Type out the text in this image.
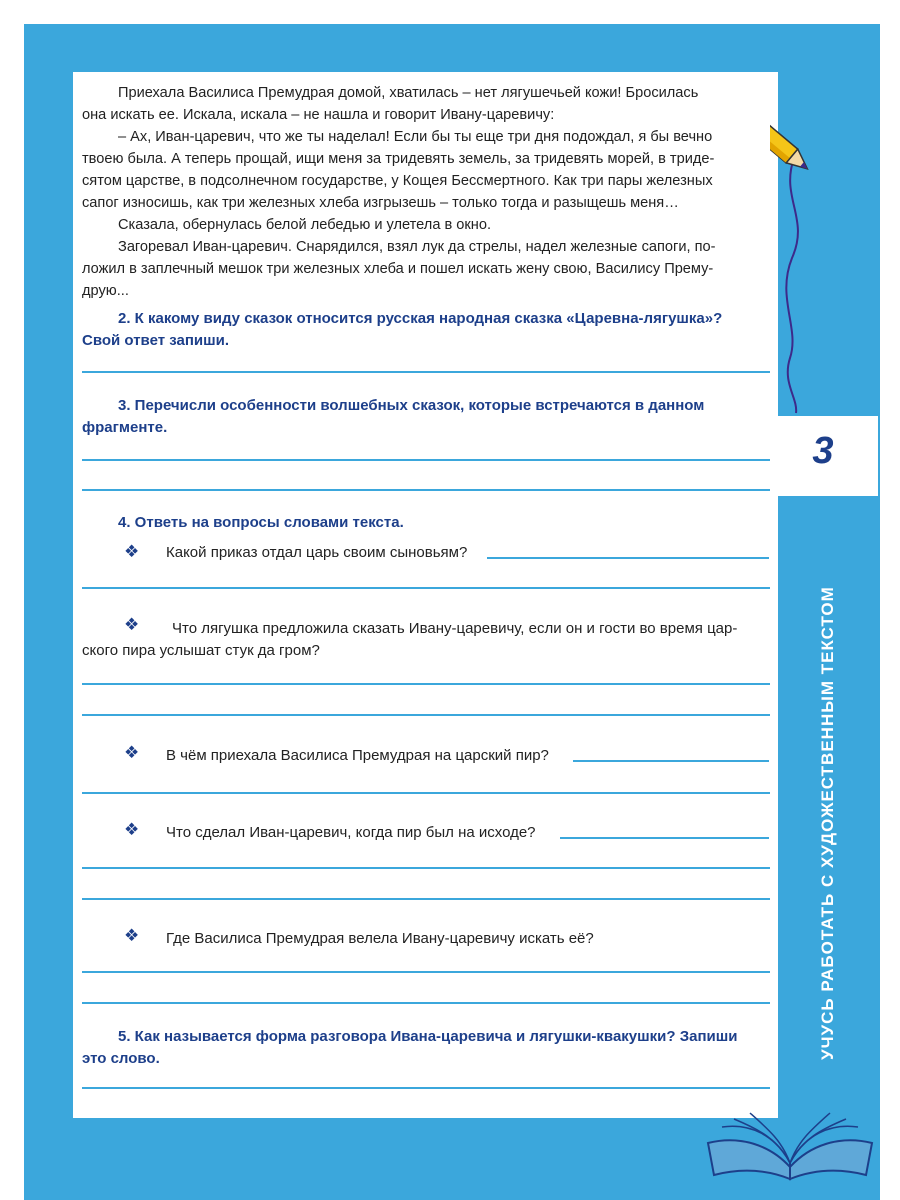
Приехала Василиса Премудрая домой, хватилась – нет лягушечьей кожи! Бросилась
она искать ее. Искала, искала – не нашла и говорит Ивану-царевичу:
– Ах, Иван-царевич, что же ты наделал! Если бы ты еще три дня подождал, я бы вечно
твоею была. А теперь прощай, ищи меня за тридевять земель, за тридевять морей, в триде-
сятом царстве, в подсолнечном государстве, у Кощея Бессмертного. Как три пары железных
сапог износишь, как три железных хлеба изгрызешь – только тогда и разыщешь меня…
Сказала, обернулась белой лебедью и улетела в окно.
Загоревал Иван-царевич. Снарядился, взял лук да стрелы, надел железные сапоги, по-
ложил в заплечный мешок три железных хлеба и пошел искать жену свою, Василису Прему-
друю...
2. К какому виду сказок относится русская народная сказка «Царевна-лягушка»?
Свой ответ запиши.
3. Перечисли особенности волшебных сказок, которые встречаются в данном
фрагменте.
4. Ответь на вопросы словами текста.
❖ Какой приказ отдал царь своим сыновьям?
❖ Что лягушка предложила сказать Ивану-царевичу, если он и гости во время цар-
ского пира услышат стук да гром?
❖ В чём приехала Василиса Премудрая на царский пир?
❖ Что сделал Иван-царевич, когда пир был на исходе?
❖ Где Василиса Премудрая велела Ивану-царевичу искать её?
5. Как называется форма разговора Ивана-царевича и лягушки-квакушки? Запиши
это слово.
3
УЧУСЬ РАБОТАТЬ С ХУДОЖЕСТВЕННЫМ ТЕКСТОМ
